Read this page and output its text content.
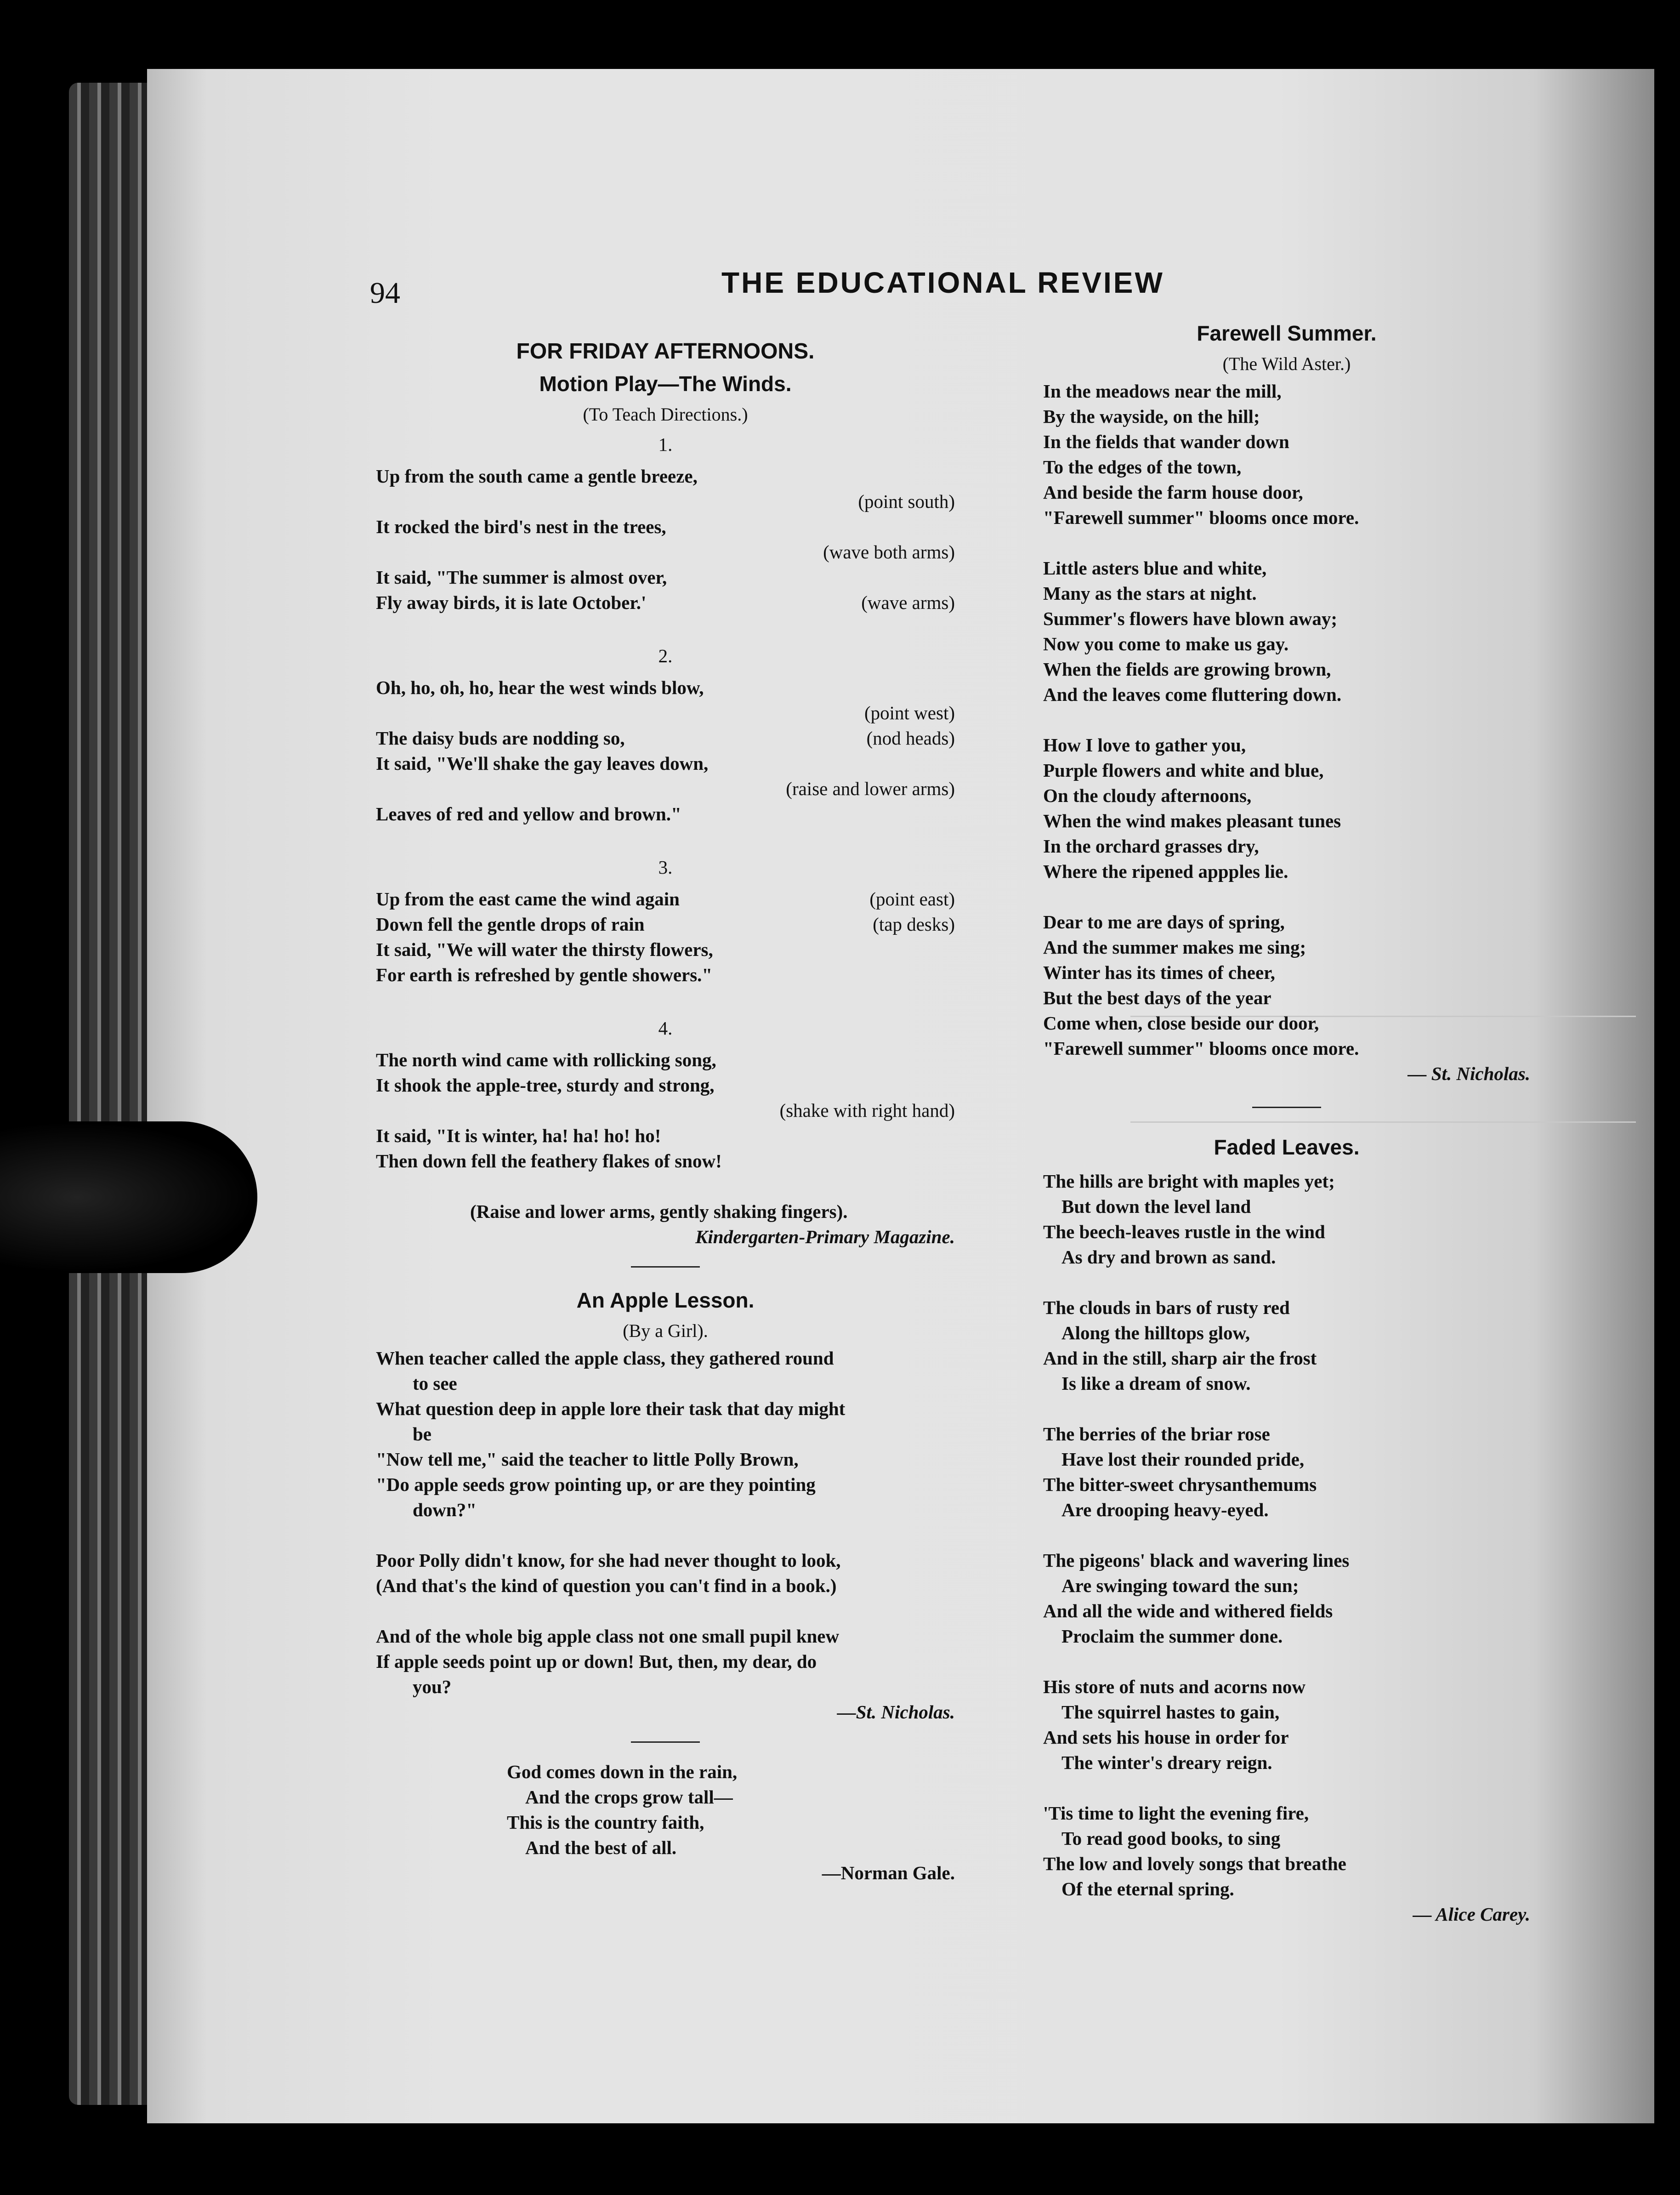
94	THE EDUCATIONAL REVIEW
FOR FRIDAY AFTERNOONS.
Motion Play—The Winds.
(To Teach Directions.)
1.
Up from the south came a gentle breeze,
(point south)
It rocked the bird's nest in the trees,
(wave both arms)
It said, "The summer is almost over,
Fly away birds, it is late October.'	(wave arms)
2.
Oh, ho, oh, ho, hear the west winds blow,
(point west)
The daisy buds are nodding so,	(nod heads)
It said, "We'll shake the gay leaves down,
(raise and lower arms)
Leaves of red and yellow and brown."
3.
Up from the east came the wind again	(point east)
Down fell the gentle drops of rain	(tap desks)
It said, "We will water the thirsty flowers,
For earth is refreshed by gentle showers."
4.
The north wind came with rollicking song,
It shook the apple-tree, sturdy and strong,
(shake with right hand)
It said, "It is winter, ha! ha! ho! ho!
Then down fell the feathery flakes of snow!
(Raise and lower arms, gently shaking fingers).
Kindergarten-Primary Magazine.
An Apple Lesson.
(By a Girl).
When teacher called the apple class, they gathered round
to see
What question deep in apple lore their task that day might
be
"Now tell me," said the teacher to little Polly Brown,
"Do apple seeds grow pointing up, or are they pointing
down?"
Poor Polly didn't know, for she had never thought to look,
(And that's the kind of question you can't find in a book.)
And of the whole big apple class not one small pupil knew
If apple seeds point up or down! But, then, my dear, do
you?
—St. Nicholas.
God comes down in the rain,
And the crops grow tall—
This is the country faith,
And the best of all.
—Norman Gale.
Farewell Summer.
(The Wild Aster.)
In the meadows near the mill,
By the wayside, on the hill;
In the fields that wander down
To the edges of the town,
And beside the farm house door,
"Farewell summer" blooms once more.
Little asters blue and white,
Many as the stars at night.
Summer's flowers have blown away;
Now you come to make us gay.
When the fields are growing brown,
And the leaves come fluttering down.
How I love to gather you,
Purple flowers and white and blue,
On the cloudy afternoons,
When the wind makes pleasant tunes
In the orchard grasses dry,
Where the ripened appples lie.
Dear to me are days of spring,
And the summer makes me sing;
Winter has its times of cheer,
But the best days of the year
Come when, close beside our door,
"Farewell summer" blooms once more.
— St. Nicholas.
Faded Leaves.
The hills are bright with maples yet;
But down the level land
The beech-leaves rustle in the wind
As dry and brown as sand.
The clouds in bars of rusty red
Along the hilltops glow,
And in the still, sharp air the frost
Is like a dream of snow.
The berries of the briar rose
Have lost their rounded pride,
The bitter-sweet chrysanthemums
Are drooping heavy-eyed.
The pigeons' black and wavering lines
Are swinging toward the sun;
And all the wide and withered fields
Proclaim the summer done.
His store of nuts and acorns now
The squirrel hastes to gain,
And sets his house in order for
The winter's dreary reign.
'Tis time to light the evening fire,
To read good books, to sing
The low and lovely songs that breathe
Of the eternal spring.
— Alice Carey.
